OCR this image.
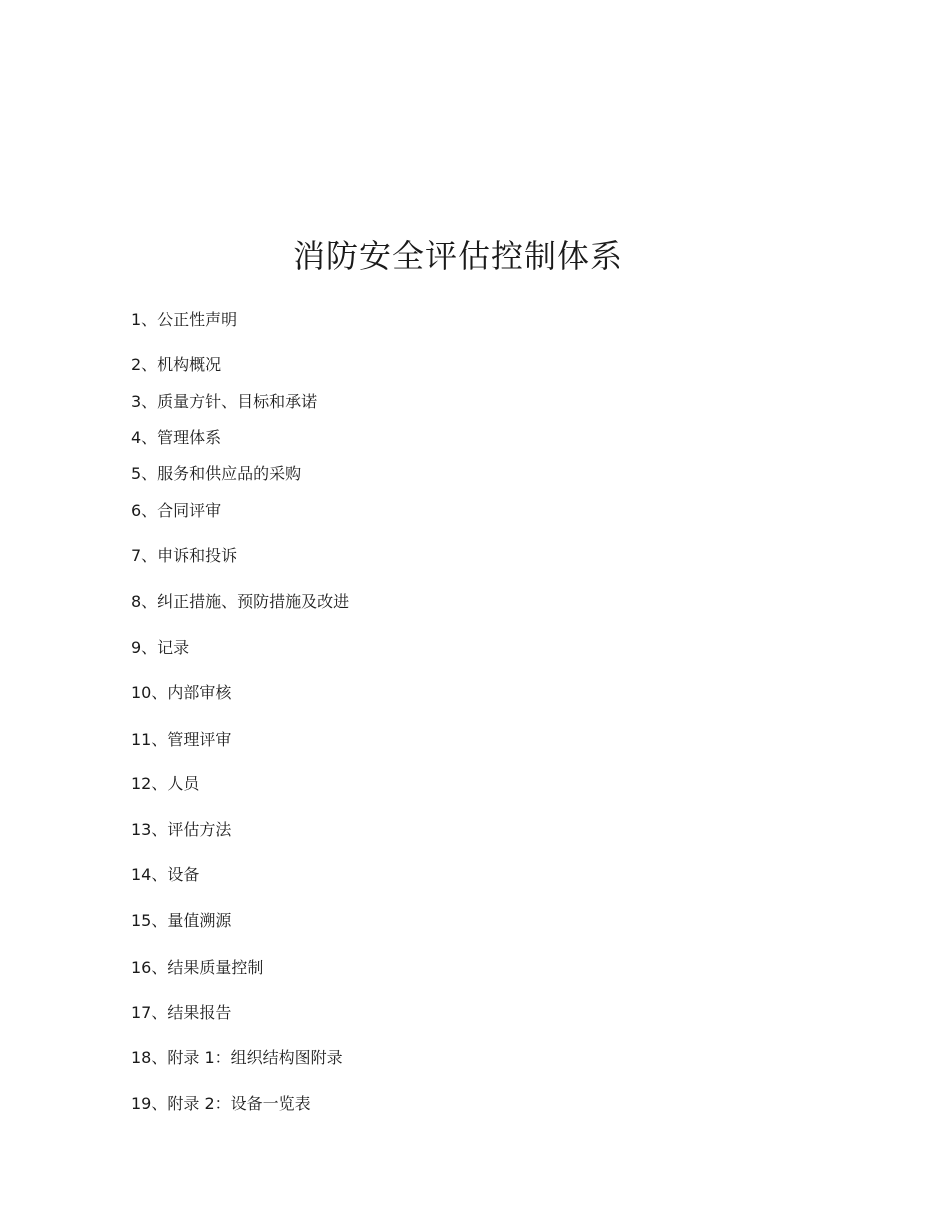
消防安全评估控制体系
1、公正性声明
2、机构概况
3、质量方针、目标和承诺
4、管理体系
5、服务和供应品的采购
6、合同评审
7、申诉和投诉
8、纠正措施、预防措施及改进
9、记录
10、内部审核
11、管理评审
12、人员
13、评估方法
14、设备
15、量值溯源
16、结果质量控制
17、结果报告
18、附录 1：组织结构图附录
19、附录 2：设备一览表
